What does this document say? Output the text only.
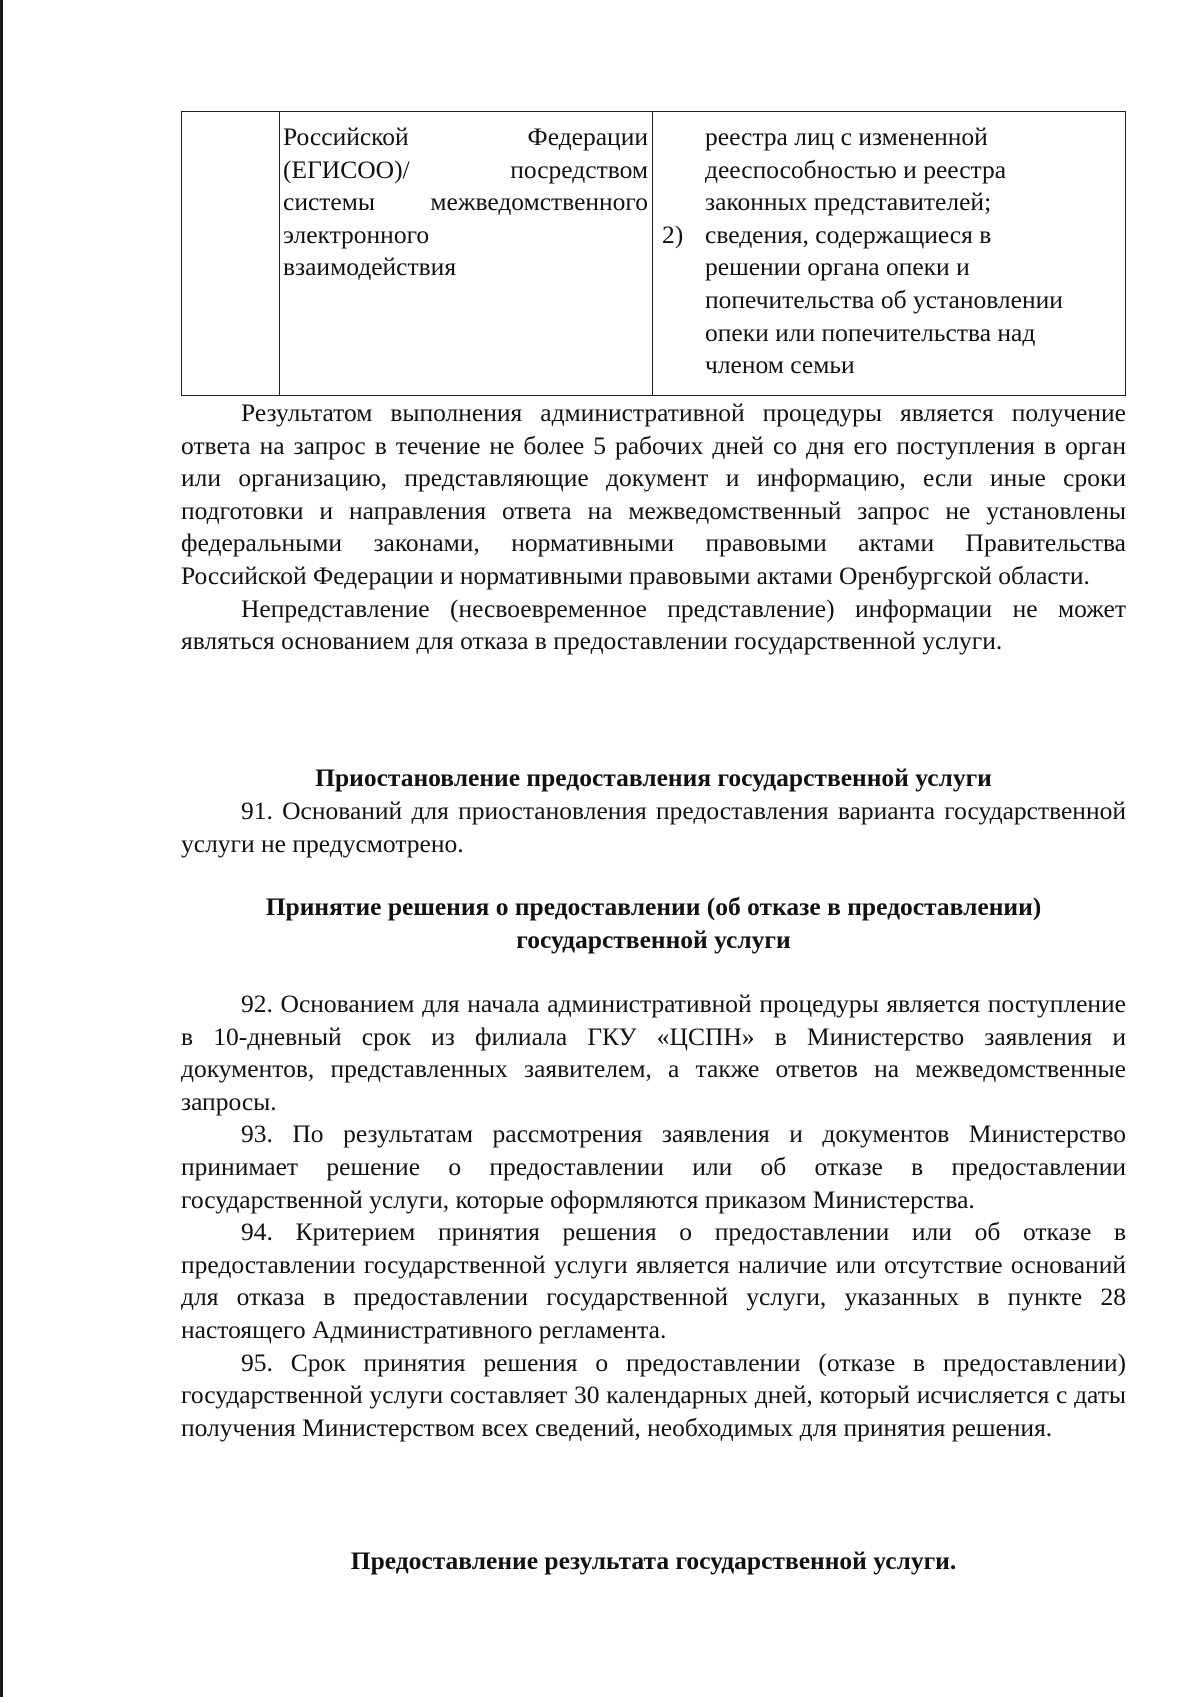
Российской Федерации
(ЕГИСОО)/ посредством
системы межведомственного
электронного
взаимодействия
реестра лиц с измененной
дееспособностью и реестра
законных представителей;
2) сведения, содержащиеся в
решении органа опеки и
попечительства об установлении
опеки или попечительства над
членом семьи

Результатом выполнения административной процедуры является получение ответа на запрос в течение не более 5 рабочих дней со дня его поступления в орган или организацию, представляющие документ и информацию, если иные сроки подготовки и направления ответа на межведомственный запрос не установлены федеральными законами, нормативными правовыми актами Правительства Российской Федерации и нормативными правовыми актами Оренбургской области.

Непредставление (несвоевременное представление) информации не может являться основанием для отказа в предоставлении государственной услуги.

Приостановление предоставления государственной услуги

91. Оснований для приостановления предоставления варианта государственной услуги не предусмотрено.

Принятие решения о предоставлении (об отказе в предоставлении)
государственной услуги

92. Основанием для начала административной процедуры является поступление в 10-дневный срок из филиала ГКУ «ЦСПН» в Министерство заявления и документов, представленных заявителем, а также ответов на межведомственные запросы.

93. По результатам рассмотрения заявления и документов Министерство принимает решение о предоставлении или об отказе в предоставлении государственной услуги, которые оформляются приказом Министерства.

94. Критерием принятия решения о предоставлении или об отказе в предоставлении государственной услуги является наличие или отсутствие оснований для отказа в предоставлении государственной услуги, указанных в пункте 28 настоящего Административного регламента.

95. Срок принятия решения о предоставлении (отказе в предоставлении) государственной услуги составляет 30 календарных дней, который исчисляется с даты получения Министерством всех сведений, необходимых для принятия решения.

Предоставление результата государственной услуги.
